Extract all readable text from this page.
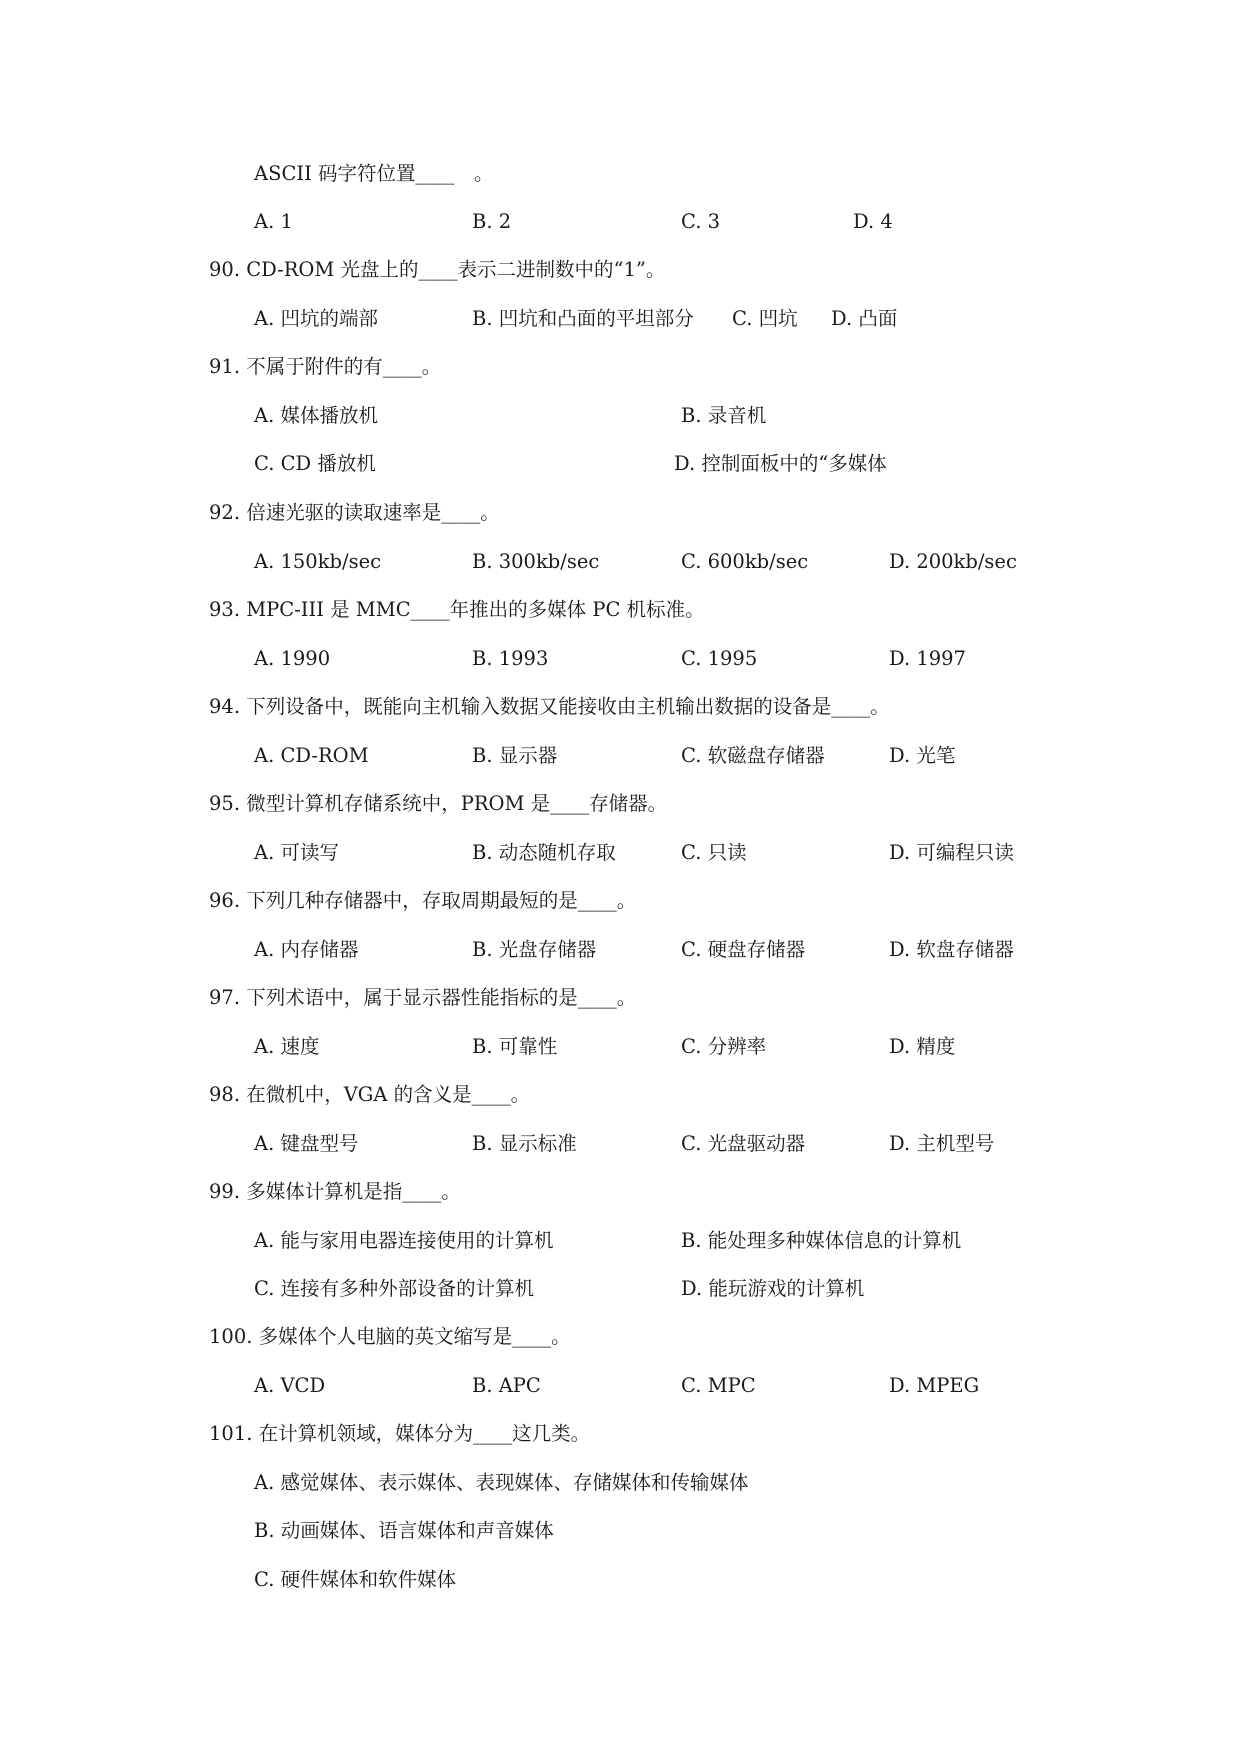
ASCII 码字符位置____　。
A. 1	B. 2	C. 3	D. 4
90. CD-ROM 光盘上的____表示二进制数中的“1”。
A. 凹坑的端部	B. 凹坑和凸面的平坦部分 C. 凹坑 D. 凸面
91. 不属于附件的有____。
A. 媒体播放机	B. 录音机
C. CD 播放机	D. 控制面板中的“多媒体
92. 倍速光驱的读取速率是____。
A. 150kb/sec	B. 300kb/sec	C. 600kb/sec	D. 200kb/sec
93. MPC-III 是 MMC____年推出的多媒体 PC 机标准。
A. 1990	B. 1993	C. 1995	D. 1997
94. 下列设备中，既能向主机输入数据又能接收由主机输出数据的设备是____。
A. CD-ROM	B. 显示器	C. 软磁盘存储器	D. 光笔
95. 微型计算机存储系统中，PROM 是____存储器。
A. 可读写	B. 动态随机存取	C. 只读	D. 可编程只读
96. 下列几种存储器中，存取周期最短的是____。
A. 内存储器	B. 光盘存储器	C. 硬盘存储器	D. 软盘存储器
97. 下列术语中，属于显示器性能指标的是____。
A. 速度	B. 可靠性	C. 分辨率	D. 精度
98. 在微机中，VGA 的含义是____。
A. 键盘型号	B. 显示标准	C. 光盘驱动器	D. 主机型号
99. 多媒体计算机是指____。
A. 能与家用电器连接使用的计算机	B. 能处理多种媒体信息的计算机
C. 连接有多种外部设备的计算机	D. 能玩游戏的计算机
100. 多媒体个人电脑的英文缩写是____。
A. VCD	B. APC	C. MPC	D. MPEG
101. 在计算机领域，媒体分为____这几类。
A. 感觉媒体、表示媒体、表现媒体、存储媒体和传输媒体
B. 动画媒体、语言媒体和声音媒体
C. 硬件媒体和软件媒体
